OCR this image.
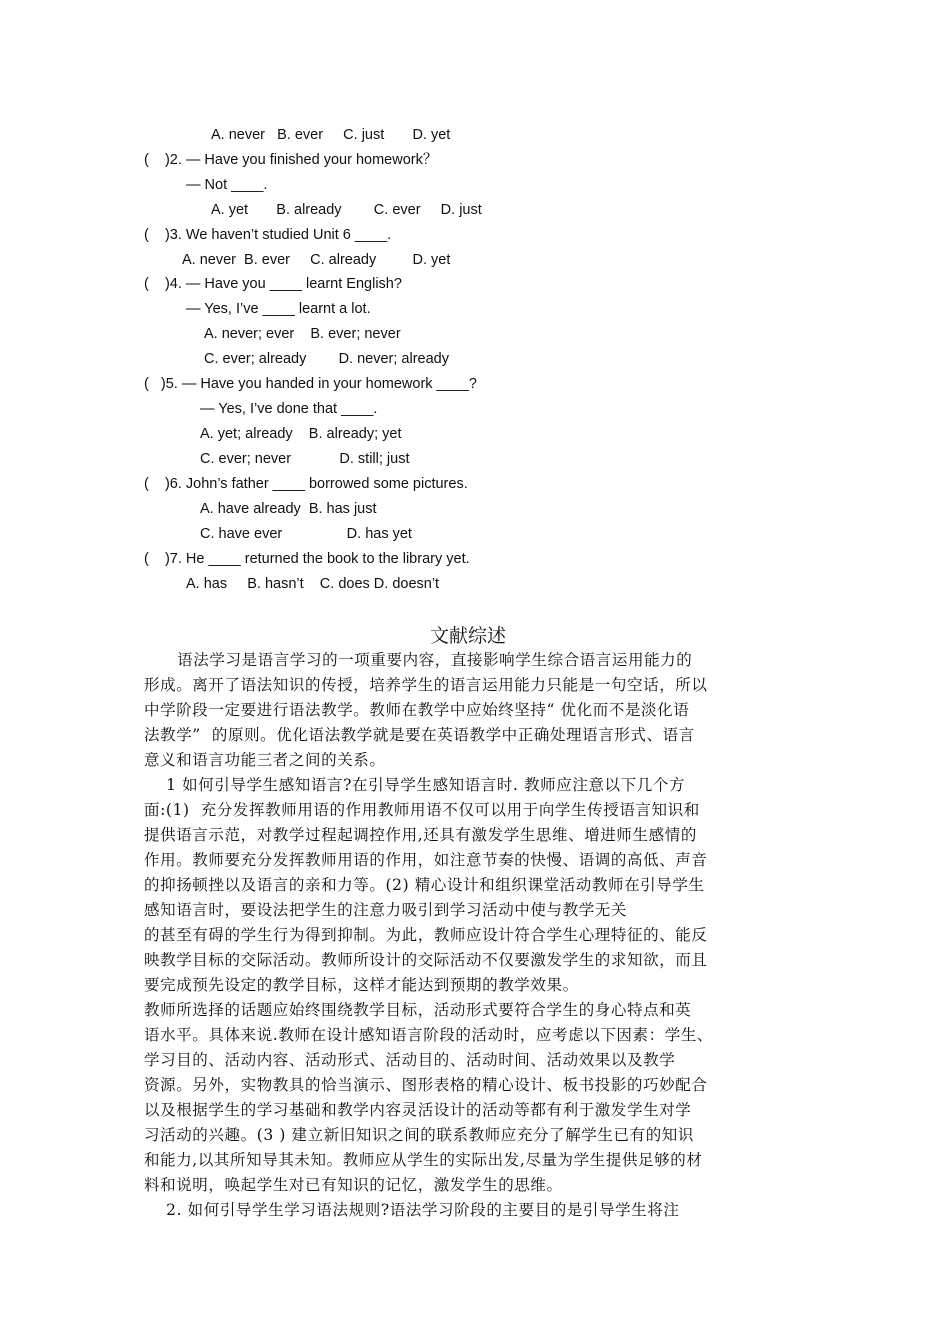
A. never   B. ever     C. just       D. yet
(    )2. — Have you finished your homework？
— Not ____.
A. yet       B. already        C. ever     D. just
(    )3. We haven’t studied Unit 6 ____.
A. never  B. ever     C. already         D. yet
(    )4. — Have you ____ learnt English?
— Yes, I’ve ____ learnt a lot.
A. never; ever    B. ever; never
C. ever; already        D. never; already
(   )5. — Have you handed in your homework ____?
— Yes, I’ve done that ____.
A. yet; already    B. already; yet
C. ever; never            D. still; just
(    )6. John’s father ____ borrowed some pictures.
A. have already  B. has just
C. have ever                D. has yet
(    )7. He ____ returned the book to the library yet.
A. has     B. hasn’t    C. does D. doesn’t
文献综述
语法学习是语言学习的一项重要内容，直接影响学生综合语言运用能力的
形成。离开了语法知识的传授，培养学生的语言运用能力只能是一句空话，所以
中学阶段一定要进行语法教学。教师在教学中应始终坚持“ 优化而不是淡化语
法教学”  的原则。优化语法教学就是要在英语教学中正确处理语言形式、语言
意义和语言功能三者之间的关系。
1 如何引导学生感知语言?在引导学生感知语言时. 教师应注意以下几个方
面:(1)  充分发挥教师用语的作用教师用语不仅可以用于向学生传授语言知识和
提供语言示范，对教学过程起调控作用,还具有激发学生思维、增进师生感情的
作用。教师要充分发挥教师用语的作用，如注意节奏的快慢、语调的高低、声音
的抑扬顿挫以及语言的亲和力等。(2) 精心设计和组织课堂活动教师在引导学生
感知语言时，要设法把学生的注意力吸引到学习活动中使与教学无关
的甚至有碍的学生行为得到抑制。为此，教师应设计符合学生心理特征的、能反
映教学目标的交际活动。教师所设计的交际活动不仅要激发学生的求知欲，而且
要完成预先设定的教学目标，这样才能达到预期的教学效果。
教师所选择的话题应始终围绕教学目标，活动形式要符合学生的身心特点和英
语水平。具体来说.教师在设计感知语言阶段的活动时，应考虑以下因素：学生、
学习目的、活动内容、活动形式、活动目的、活动时间、活动效果以及教学
资源。另外，实物教具的恰当演示、图形表格的精心设计、板书投影的巧妙配合
以及根据学生的学习基础和教学内容灵活设计的活动等都有利于激发学生对学
习活动的兴趣。(3 ) 建立新旧知识之间的联系教师应充分了解学生已有的知识
和能力,以其所知导其未知。教师应从学生的实际出发,尽量为学生提供足够的材
料和说明，唤起学生对已有知识的记忆，激发学生的思维。
2. 如何引导学生学习语法规则?语法学习阶段的主要目的是引导学生将注
